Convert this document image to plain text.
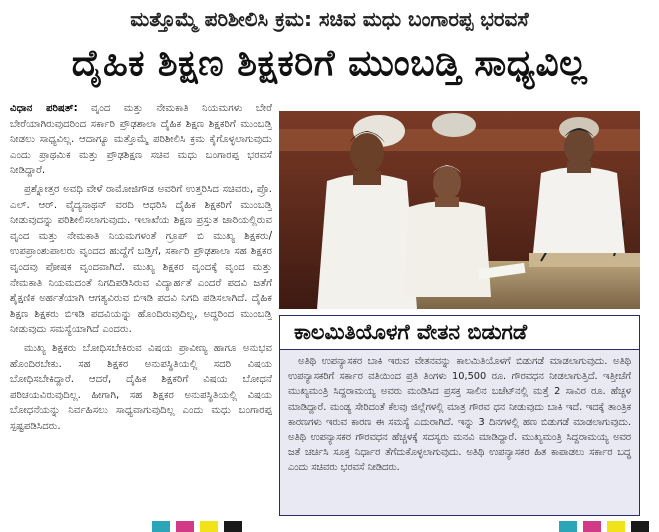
ಮತ್ತೊಮ್ಮೆ ಪರಿಶೀಲಿಸಿ ಕ್ರಮ: ಸಚಿವ ಮಧು ಬಂಗಾರಪ್ಪ ಭರವಸೆ
ದೈಹಿಕ ಶಿಕ್ಷಣ ಶಿಕ್ಷಕರಿಗೆ ಮುಂಬಡ್ತಿ ಸಾಧ್ಯವಿಲ್ಲ

ವಿಧಾನ ಪರಿಷತ್: ವೃಂದ ಮತ್ತು ನೇಮಕಾತಿ ನಿಯಮಗಳು ಬೇರೆ ಬೇರೆಯಾಗಿರುವುದರಿಂದ ಸರ್ಕಾರಿ ಪ್ರೌಢಶಾಲಾ ದೈಹಿಕ ಶಿಕ್ಷಣ ಶಿಕ್ಷಕರಿಗೆ ಮುಂಬಡ್ತಿ ನೀಡಲು ಸಾಧ್ಯವಿಲ್ಲ. ಆದಾಗ್ಯೂ ಮತ್ತೊಮ್ಮೆ ಪರಿಶೀಲಿಸಿ ಕ್ರಮ ಕೈಗೊಳ್ಳಲಾಗುವುದು ಎಂದು ಪ್ರಾಥಮಿಕ ಮತ್ತು ಪ್ರೌಢಶಿಕ್ಷಣ ಸಚಿವ ಮಧು ಬಂಗಾರಪ್ಪ ಭರವಸೆ ನೀಡಿದ್ದಾರೆ.

ಪ್ರಶ್ನೋತ್ತರ ಅವಧಿ ವೇಳೆ ರಾಮೋಜಿಗೌಡ ಅವರಿಗೆ ಉತ್ತರಿಸಿದ ಸಚಿವರು, ಪ್ರೊ. ಎಲ್. ಆರ್. ವೈದ್ಯನಾಥನ್ ವರದಿ ಆಧರಿಸಿ ದೈಹಿಕ ಶಿಕ್ಷಕರಿಗೆ ಮುಂಬಡ್ತಿ ನೀಡುವುದನ್ನು ಪರಿಶೀಲಿಸಲಾಗುವುದು. ಇಲಾಖೆಯ ಶಿಕ್ಷಣ ಪ್ರಸ್ತುತ ಜಾರಿಯಲ್ಲಿರುವ ವೃಂದ ಮತ್ತು ನೇಮಕಾತಿ ನಿಯಮಗಳಂತೆ ಗ್ರೂಪ್ ಬಿ ಮುಖ್ಯ ಶಿಕ್ಷಕರು/ಉಪಪ್ರಾಂಶುಪಾಲರು ವೃಂದದ ಹುದ್ದೆಗೆ ಬಡ್ತಿಗೆ, ಸರ್ಕಾರಿ ಪ್ರೌಢಶಾಲಾ ಸಹ ಶಿಕ್ಷಕರ ವೃಂದವು ಪೋಷಕ ವೃಂದವಾಗಿದೆ. ಮುಖ್ಯ ಶಿಕ್ಷಕರ ವೃಂದಕ್ಕೆ ವೃಂದ ಮತ್ತು ನೇಮಕಾತಿ ನಿಯಮದಂತೆ ನಿಗದಿಪಡಿಸಿರುವ ವಿದ್ಯಾರ್ಹತೆ ಎಂದರೆ ಪದವಿ ಜತೆಗೆ ಶೈಕ್ಷಣಿಕ ಅರ್ಹತೆಯಾಗಿ ಆಗತ್ಯವಿರುವ ಬಿಇಡಿ ಪದವಿ ನಿಗದಿ ಪಡಿಸಲಾಗಿದೆ. ದೈಹಿಕ ಶಿಕ್ಷಣ ಶಿಕ್ಷಕರು ಬಿಇಡಿ ಪದವಿಯನ್ನು ಹೊಂದಿರುವುದಿಲ್ಲ, ಅದ್ದರಿಂದ ಮುಂಬಡ್ತಿ ನೀಡುವುದು ಸಮಸ್ಯೆಯಾಗಿದೆ ಎಂದರು.

ಮುಖ್ಯ ಶಿಕ್ಷಕರು ಬೋಧಿಸಬೇಕಿರುವ ವಿಷಯ ಪ್ರಾವೀಣ್ಯ ಹಾಗೂ ಅನುಭವ ಹೊಂದಿರಬೇಕು. ಸಹ ಶಿಕ್ಷಕರ ಅನುಪಸ್ಥಿತಿಯಲ್ಲಿ ಸದರಿ ವಿಷಯ ಬೋಧಿಸಬೇಕಿದ್ದಾರೆ. ಆದರೆ, ದೈಹಿಕ ಶಿಕ್ಷಕರಿಗೆ ವಿಷಯ ಬೋಧನೆ ಪರಿಚಯವಿರುವುದಿಲ್ಲ. ಹೀಗಾಗಿ, ಸಹ ಶಿಕ್ಷಕರ ಅನುಪಸ್ಥಿತಿಯಲ್ಲಿ ವಿಷಯ ಬೋಧನೆಯನ್ನು ನಿರ್ವಹಿಸಲು ಸಾಧ್ಯವಾಗುವುದಿಲ್ಲ ಎಂದು ಮಧು ಬಂಗಾರಪ್ಪ ಸ್ಪಷ್ಟಪಡಿಸಿದರು.

ಕಾಲಮಿತಿಯೊಳಗೆ ವೇತನ ಬಿಡುಗಡೆ

ಅತಿಥಿ ಉಪನ್ಯಾಸಕರ ಬಾಕಿ ಇರುವ ವೇತನವನ್ನು ಕಾಲಮಿತಿಯೊಳಗೆ ಬಿಡುಗಡೆ ಮಾಡಲಾಗುವುದು. ಅತಿಥಿ ಉಪನ್ಯಾಸಕರಿಗೆ ಸರ್ಕಾರ ವತಿಯಿಂದ ಪ್ರತಿ ತಿಂಗಳು 10,500 ರೂ. ಗೌರವಧನ ನೀಡಲಾಗುತ್ತಿದೆ. ಇತ್ತೀಚೆಗೆ ಮುಖ್ಯಮಂತ್ರಿ ಸಿದ್ದರಾಮಯ್ಯ ಅವರು ಮಂಡಿಸಿದ ಪ್ರಸಕ್ತ ಸಾಲಿನ ಬಜೆಟ್‌ನಲ್ಲಿ ಮತ್ತೆ 2 ಸಾವಿರ ರೂ. ಹೆಚ್ಚಳ ಮಾಡಿದ್ದಾರೆ. ಮಂಡ್ಯ ಸೇರಿದಂತೆ ಕೆಲವು ಜಿಲ್ಲೆಗಳಲ್ಲಿ ಮಾತ್ರ ಗೌರವ ಧನ ನೀಡುವುದು ಬಾಕಿ ಇದೆ. ಇದಕ್ಕೆ ತಾಂತ್ರಿಕ ಕಾರಣಗಳು ಇರುವ ಕಾರಣ ಈ ಸಮಸ್ಯೆ ಎದುರಾಗಿದೆ. ಇನ್ನು 3 ದಿನಗಳಲ್ಲಿ ಹಣ ಬಿಡುಗಡೆ ಮಾಡಲಾಗುವುದು. ಅತಿಥಿ ಉಪನ್ಯಾಸಕರ ಗೌರವಧನ ಹೆಚ್ಚಳಕ್ಕೆ ಸದಸ್ಯರು ಮನವಿ ಮಾಡಿದ್ದಾರೆ. ಮುಖ್ಯಮಂತ್ರಿ ಸಿದ್ದರಾಮಯ್ಯ ಅವರ ಜತೆ ಚರ್ಚಿಸಿ ಸೂಕ್ತ ನಿರ್ಧಾರ ತೆಗೆದುಕೊಳ್ಳಲಾಗುವುದು. ಅತಿಥಿ ಉಪನ್ಯಾಸಕರ ಹಿತ ಕಾಪಾಡಲು ಸರ್ಕಾರ ಬದ್ಧ ಎಂದು ಸಚಿವರು ಭರವಸೆ ನೀಡಿದರು.
